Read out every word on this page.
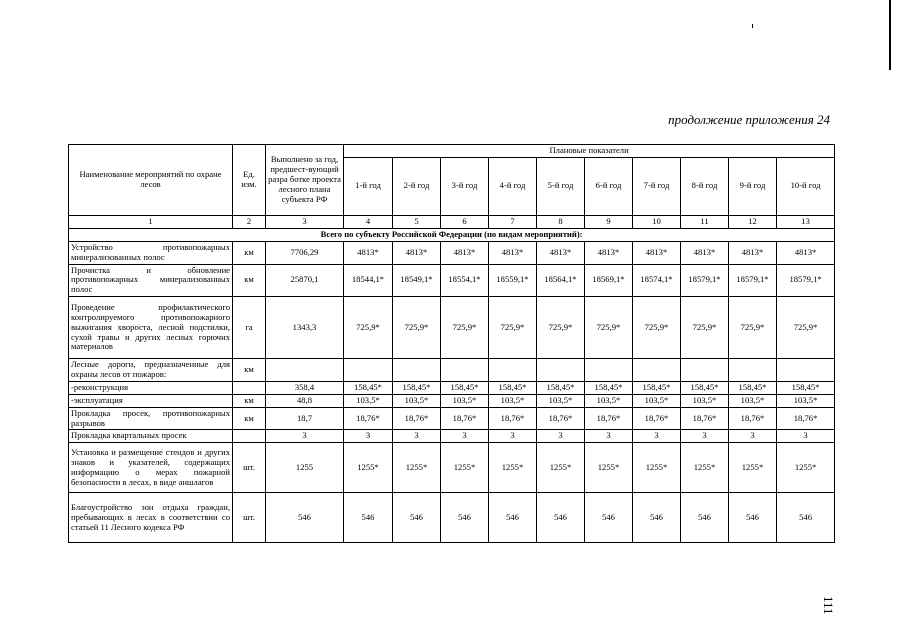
продолжение приложения 24
Наименование мероприятий по охране лесов	Ед. изм.	Выполнено за год, предшест-вующий разра ботке проекта лесного плана субъекта РФ	Плановые показатели									
			1-й год	2-й год	3-й год	4-й год	5-й год	6-й год	7-й год	8-й год	9-й год	10-й год
1	2	3	4	5	6	7	8	9	10	11	12	13
Всего по субъекту Российской Федерации (по видам мероприятий):												
Устройство противопожарных минерализованных полос	км	7706,29	4813*	4813*	4813*	4813*	4813*	4813*	4813*	4813*	4813*	4813*
Прочистка и обновление противопожарных минерализованных полос	км	25870,1	18544,1*	18549,1*	18554,1*	18559,1*	18564,1*	18569,1*	18574,1*	18579,1*	18579,1*	18579,1*
Проведение профилактического контролируемого противопожарного выжигания хвороста, лесной подстилки, сухой травы и других лесных горючих материалов	га	1343,3	725,9*	725,9*	725,9*	725,9*	725,9*	725,9*	725,9*	725,9*	725,9*	725,9*
Лесные дороги, предназначенные для охраны лесов от пожаров:	км											
-реконструкция		358,4	158,45*	158,45*	158,45*	158,45*	158,45*	158,45*	158,45*	158,45*	158,45*	158,45*
-эксплуатация	км	48,8	103,5*	103,5*	103,5*	103,5*	103,5*	103,5*	103,5*	103,5*	103,5*	103,5*
Прокладка просек, противопожарных разрывов	км	18,7	18,76*	18,76*	18,76*	18,76*	18,76*	18,76*	18,76*	18,76*	18,76*	18,76*
Прокладка квартальных просек		3	3	3	3	3	3	3	3	3	3	3
Установка и размещение стендов и других знаков и указателей, содержащих информацию о мерах пожарной безопасности в лесах, в виде аншлагов	шт.	1255	1255*	1255*	1255*	1255*	1255*	1255*	1255*	1255*	1255*	1255*
Благоустройство зон отдыха граждан, пребывающих в лесах в соответствии со статьей 11 Лесного кодекса РФ	шт.	546	546	546	546	546	546	546	546	546	546	546
111
